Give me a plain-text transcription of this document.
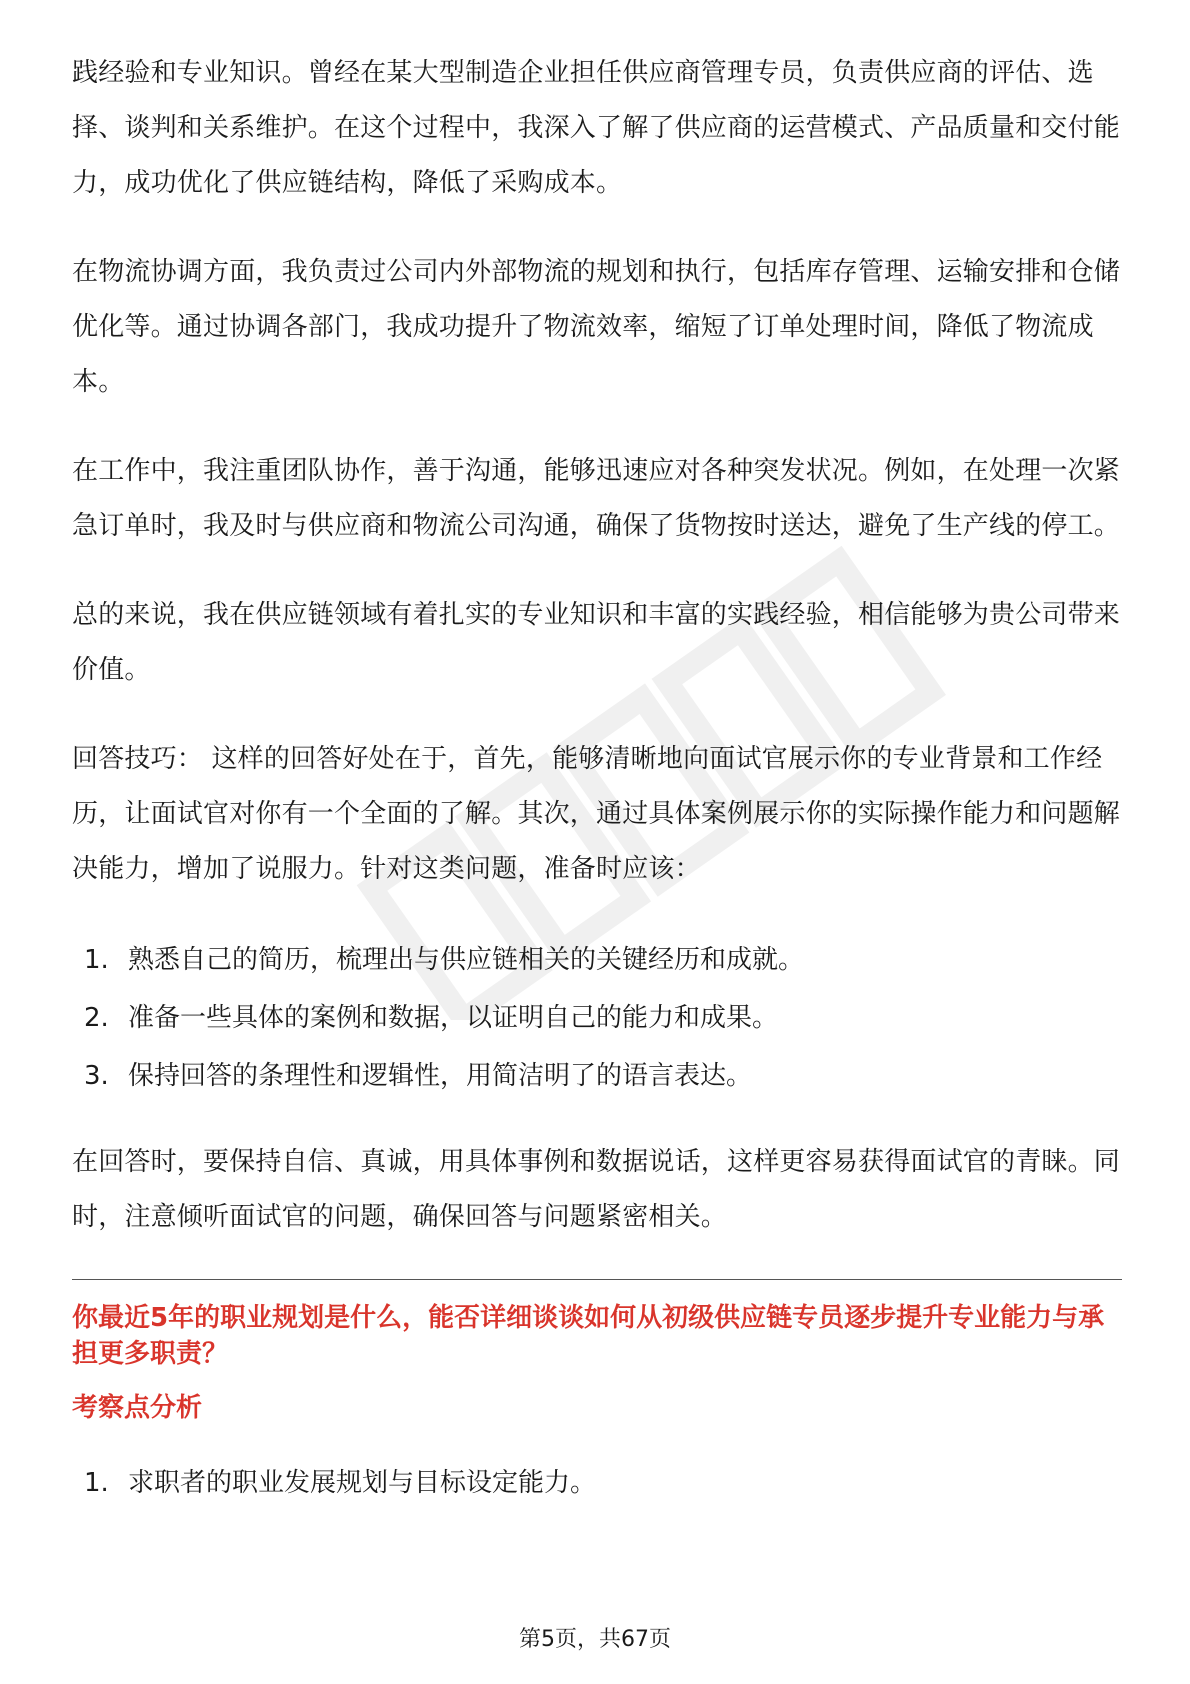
践经验和专业知识。曾经在某大型制造企业担任供应商管理专员，负责供应商的评估、选择、谈判和关系维护。在这个过程中，我深入了解了供应商的运营模式、产品质量和交付能力，成功优化了供应链结构，降低了采购成本。

在物流协调方面，我负责过公司内外部物流的规划和执行，包括库存管理、运输安排和仓储优化等。通过协调各部门，我成功提升了物流效率，缩短了订单处理时间，降低了物流成本。

在工作中，我注重团队协作，善于沟通，能够迅速应对各种突发状况。例如，在处理一次紧急订单时，我及时与供应商和物流公司沟通，确保了货物按时送达，避免了生产线的停工。

总的来说，我在供应链领域有着扎实的专业知识和丰富的实践经验，相信能够为贵公司带来价值。

回答技巧： 这样的回答好处在于，首先，能够清晰地向面试官展示你的专业背景和工作经历，让面试官对你有一个全面的了解。其次，通过具体案例展示你的实际操作能力和问题解决能力，增加了说服力。针对这类问题，准备时应该：

1. 熟悉自己的简历，梳理出与供应链相关的关键经历和成就。
2. 准备一些具体的案例和数据，以证明自己的能力和成果。
3. 保持回答的条理性和逻辑性，用简洁明了的语言表达。

在回答时，要保持自信、真诚，用具体事例和数据说话，这样更容易获得面试官的青睐。同时，注意倾听面试官的问题，确保回答与问题紧密相关。

你最近5年的职业规划是什么，能否详细谈谈如何从初级供应链专员逐步提升专业能力与承担更多职责？
考察点分析
1. 求职者的职业发展规划与目标设定能力。
第5页，共67页
